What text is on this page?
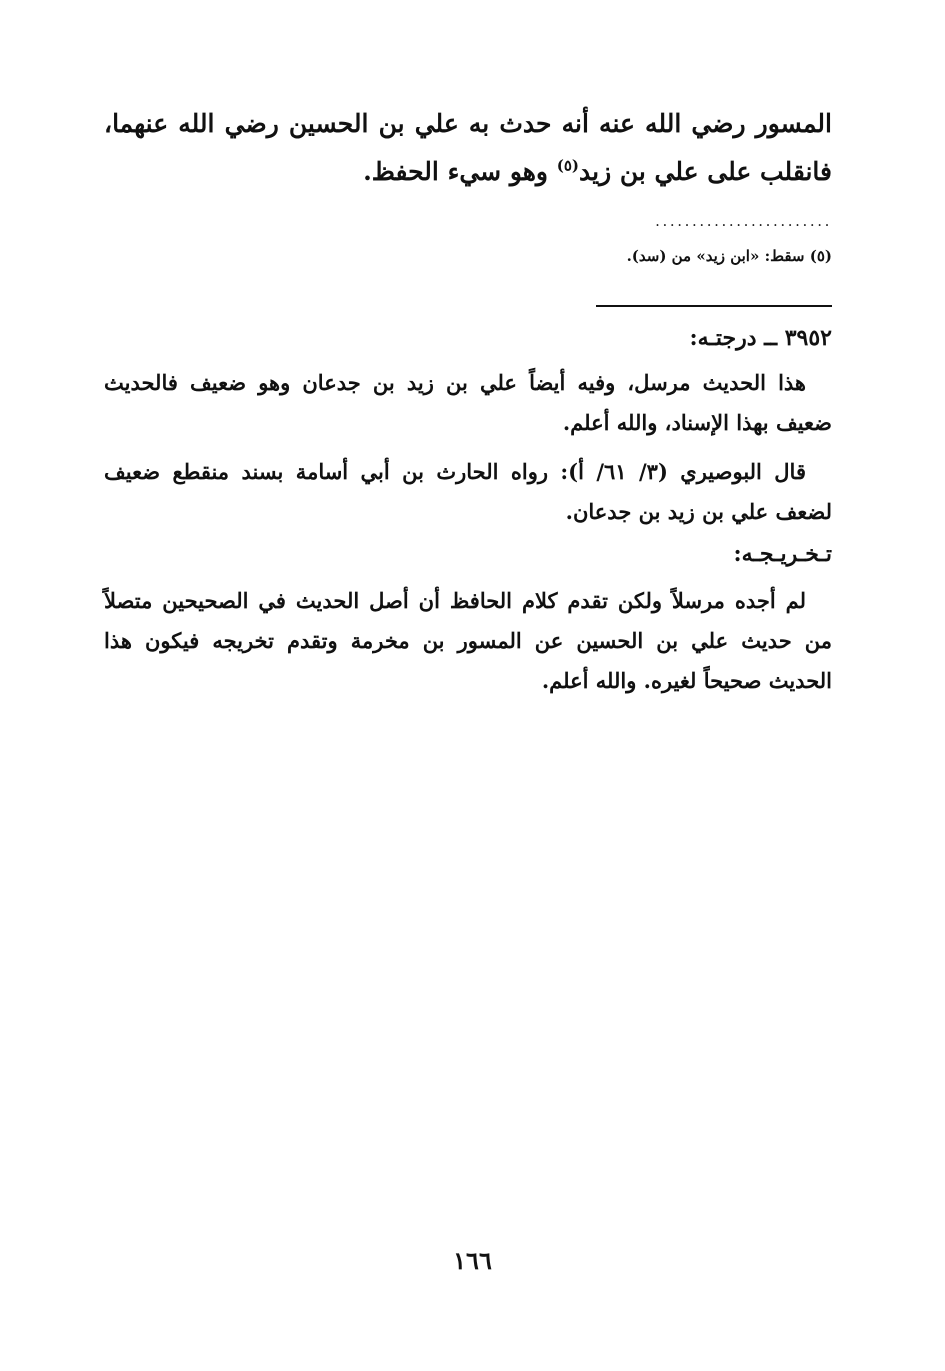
المسور رضي الله عنه أنه حدث به علي بن الحسين رضي الله عنهما، فانقلب على علي بن زيد$^{(٥)}$ وهو سيء الحفظ.

........................
(٥) سقط: «ابن زيد» من (سد).
٣٩٥٢ ــ درجتـه:

هذا الحديث مرسل، وفيه أيضاً علي بن زيد بن جدعان وهو ضعيف فالحديث ضعيف بهذا الإسناد، والله أعلم.

قال البوصيري (٣/ ٦١/ أ): رواه الحارث بن أبي أسامة بسند منقطع ضعيف لضعف علي بن زيد بن جدعان.

تـخـريـجـه:

لم أجده مرسلاً ولكن تقدم كلام الحافظ أن أصل الحديث في الصحيحين متصلاً من حديث علي بن الحسين عن المسور بن مخرمة وتقدم تخريجه فيكون هذا الحديث صحيحاً لغيره. والله أعلم.

١٦٦
